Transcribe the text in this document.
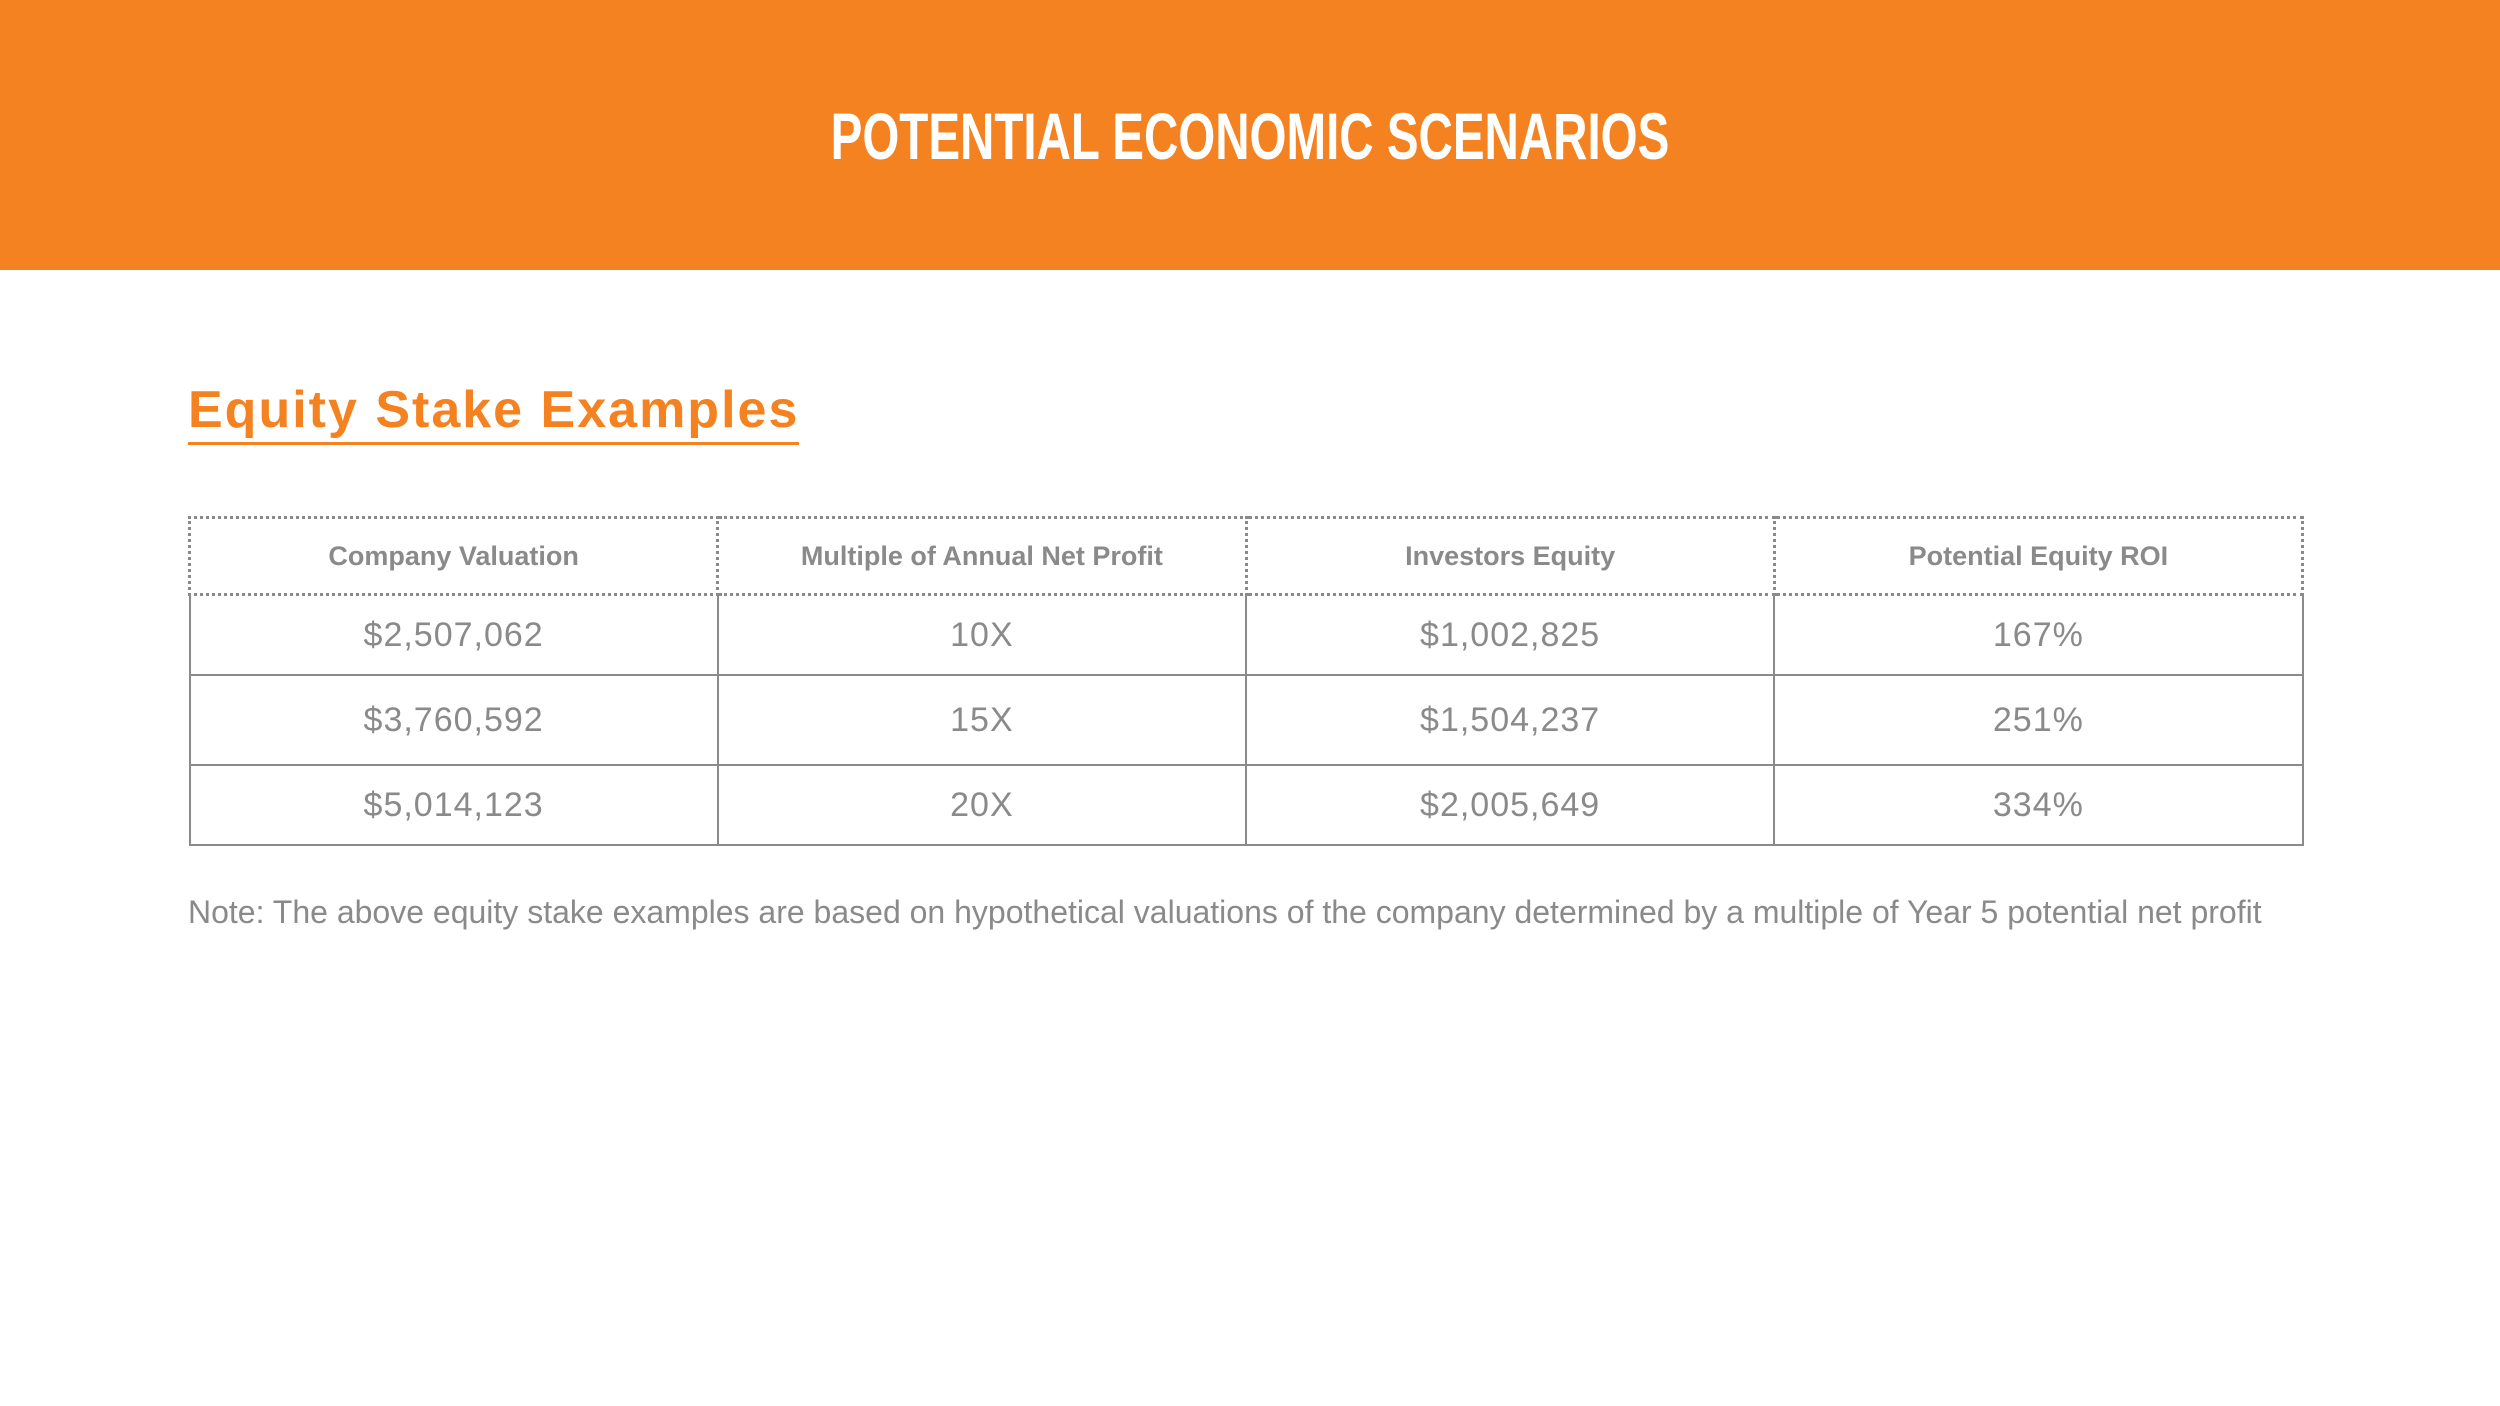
POTENTIAL ECONOMIC SCENARIOS
Equity Stake Examples
Company Valuation	Multiple of Annual Net Profit	Investors Equity	Potential Equity ROI
$2,507,062	10X	$1,002,825	167%
$3,760,592	15X	$1,504,237	251%
$5,014,123	20X	$2,005,649	334%
Note: The above equity stake examples are based on hypothetical valuations of the company determined by a multiple of Year 5 potential net profit
